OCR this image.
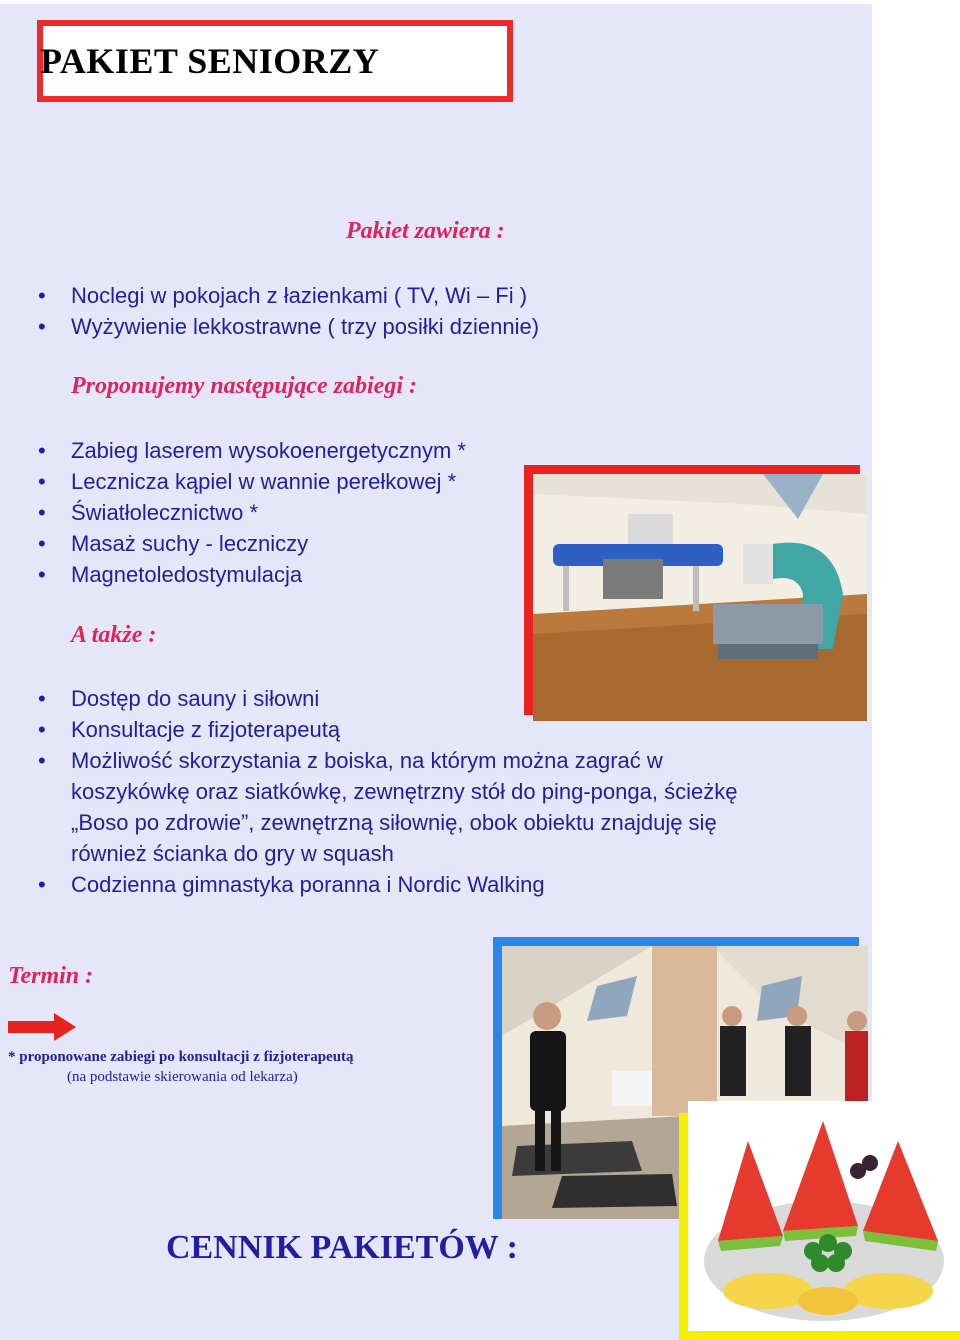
PAKIET SENIORZY
Pakiet zawiera :
• Noclegi w pokojach z łazienkami ( TV, Wi – Fi )
• Wyżywienie lekkostrawne ( trzy posiłki dziennie)
Proponujemy następujące zabiegi :
• Zabieg laserem wysokoenergetycznym *
• Lecznicza kąpiel w wannie perełkowej *
• Światłolecznictwo *
• Masaż suchy - leczniczy
• Magnetoledostymulacja
A także :
• Dostęp do sauny i siłowni
• Konsultacje z fizjoterapeutą
• Możliwość skorzystania z boiska, na którym można zagrać w
koszykówkę oraz siatkówkę, zewnętrzny stół do ping-ponga, ścieżkę
„Boso po zdrowie”, zewnętrzną siłownię, obok obiektu znajduję się
również ścianka do gry w squash
• Codzienna gimnastyka poranna i Nordic Walking
Termin :
* proponowane zabiegi po konsultacji z fizjoterapeutą
(na podstawie skierowania od lekarza)
CENNIK PAKIETÓW :
